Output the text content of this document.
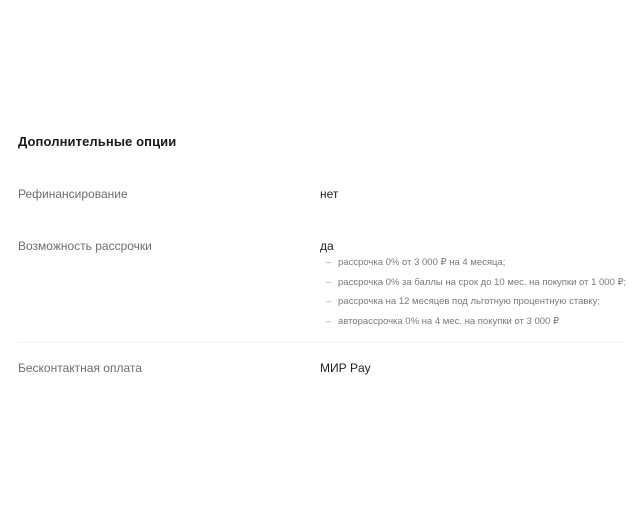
Дополнительные опции
Рефинансирование	нет
Возможность рассрочки	да
– рассрочка 0% от 3 000 ₽ на 4 месяца;
– рассрочка 0% за баллы на срок до 10 мес. на покупки от 1 000 ₽;
– рассрочка на 12 месяцев под льготную процентную ставку;
– авторассрочка 0% на 4 мес. на покупки от 3 000 ₽
Бесконтактная оплата	МИР Pay
